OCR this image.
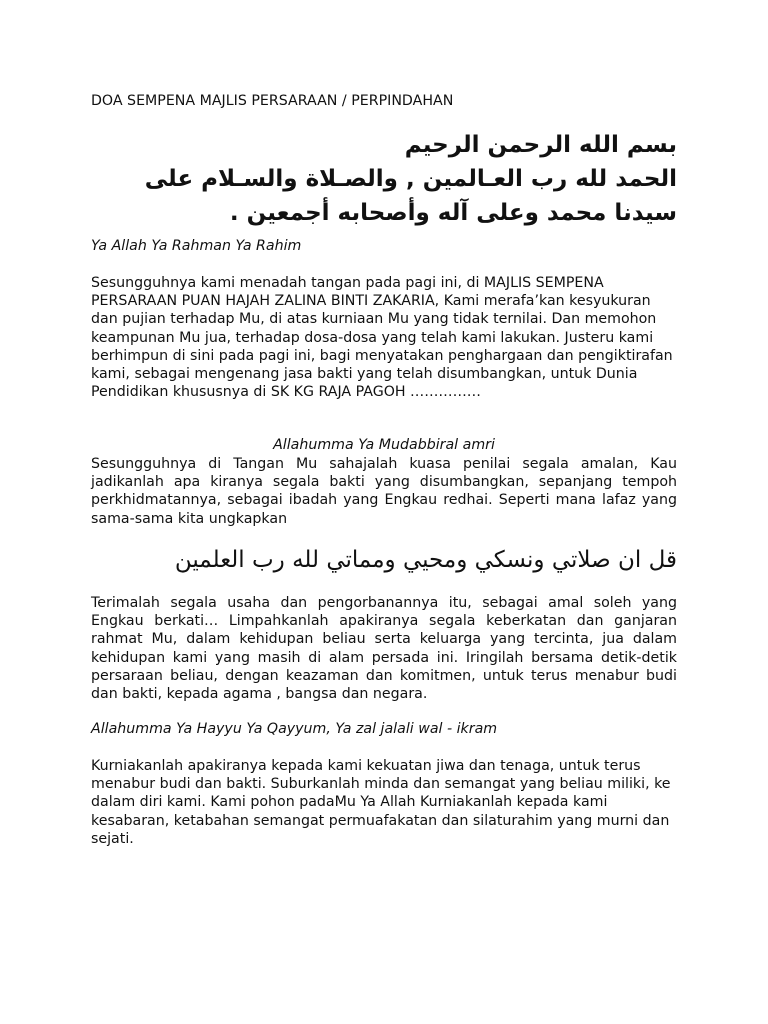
DOA SEMPENA MAJLIS PERSARAAN / PERPINDAHAN

بسم الله الرحمن الرحيم
الحمد لله رب العـالمين , والصـلاة والسـلام على
سيدنا محمد وعلى آله وأصحابه أجمعين .

Ya Allah Ya Rahman Ya Rahim

Sesungguhnya kami menadah tangan pada pagi ini, di MAJLIS SEMPENA PERSARAAN PUAN HAJAH ZALINA BINTI ZAKARIA, Kami merafa’kan kesyukuran dan pujian terhadap Mu, di atas kurniaan Mu yang tidak ternilai. Dan memohon keampunan Mu jua, terhadap dosa-dosa yang telah kami lakukan. Justeru kami berhimpun di sini pada pagi ini, bagi menyatakan penghargaan dan pengiktirafan kami, sebagai mengenang jasa bakti yang telah disumbangkan, untuk Dunia Pendidikan khususnya di SK KG RAJA PAGOH ……………

Allahumma Ya Mudabbiral amri

Sesungguhnya di Tangan Mu sahajalah kuasa penilai segala amalan, Kau jadikanlah apa kiranya segala bakti yang disumbangkan, sepanjang tempoh perkhidmatannya, sebagai ibadah yang Engkau redhai. Seperti mana lafaz yang sama-sama kita ungkapkan

قل ان صلاتي ونسكي ومحيي ومماتي لله رب العلمين

Terimalah segala usaha dan pengorbanannya itu, sebagai amal soleh yang Engkau berkati… Limpahkanlah apakiranya segala keberkatan dan ganjaran rahmat Mu, dalam kehidupan beliau serta keluarga yang tercinta, jua dalam kehidupan kami yang masih di alam persada ini. Iringilah bersama detik-detik persaraan beliau, dengan keazaman dan komitmen, untuk terus menabur budi dan bakti, kepada agama , bangsa dan negara.

Allahumma Ya Hayyu Ya Qayyum, Ya zal jalali wal - ikram

Kurniakanlah apakiranya kepada kami kekuatan jiwa dan tenaga, untuk terus menabur budi dan bakti. Suburkanlah minda dan semangat yang beliau miliki, ke dalam diri kami. Kami pohon padaMu Ya Allah Kurniakanlah kepada kami kesabaran, ketabahan semangat permuafakatan dan silaturahim yang murni dan sejati.
